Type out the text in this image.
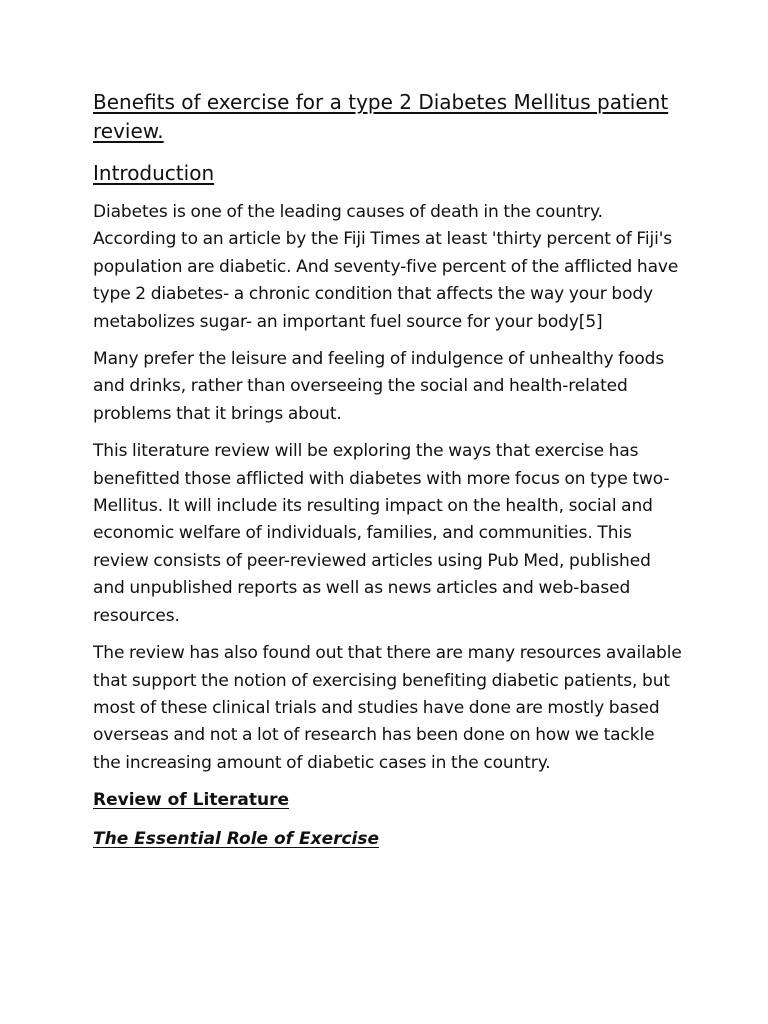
Benefits of exercise for a type 2 Diabetes Mellitus patient review.
Introduction

Diabetes is one of the leading causes of death in the country. According to an article by the Fiji Times at least 'thirty percent of Fiji's population are diabetic. And seventy-five percent of the afflicted have type 2 diabetes- a chronic condition that affects the way your body metabolizes sugar- an important fuel source for your body[5]

Many prefer the leisure and feeling of indulgence of unhealthy foods and drinks, rather than overseeing the social and health-related problems that it brings about.

This literature review will be exploring the ways that exercise has benefitted those afflicted with diabetes with more focus on type two-Mellitus. It will include its resulting impact on the health, social and economic welfare of individuals, families, and communities. This review consists of peer-reviewed articles using Pub Med, published and unpublished reports as well as news articles and web-based resources.

The review has also found out that there are many resources available that support the notion of exercising benefiting diabetic patients, but most of these clinical trials and studies have done are mostly based overseas and not a lot of research has been done on how we tackle the increasing amount of diabetic cases in the country.

Review of Literature
The Essential Role of Exercise
